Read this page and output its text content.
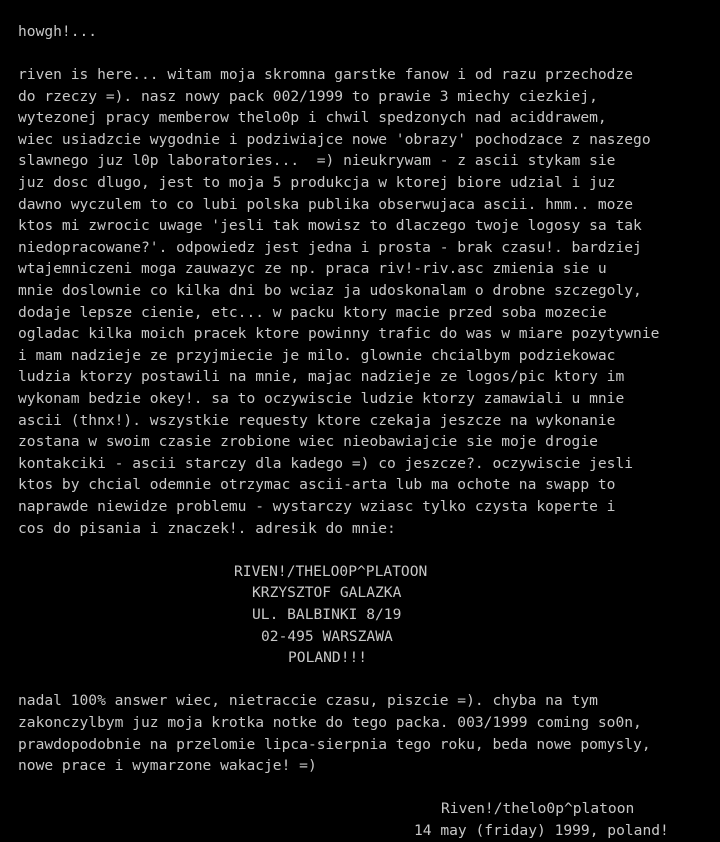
howgh!...
riven is here... witam moja skromna garstke fanow i od razu przechodze
do rzeczy =). nasz nowy pack 002/1999 to prawie 3 miechy ciezkiej,
wytezonej pracy memberow thelo0p i chwil spedzonych nad aciddrawem,
wiec usiadzcie wygodnie i podziwiajce nowe 'obrazy' pochodzace z naszego
slawnego juz l0p laboratories...  =) nieukrywam - z ascii stykam sie
juz dosc dlugo, jest to moja 5 produkcja w ktorej biore udzial i juz
dawno wyczulem to co lubi polska publika obserwujaca ascii. hmm.. moze
ktos mi zwrocic uwage 'jesli tak mowisz to dlaczego twoje logosy sa tak
niedopracowane?'. odpowiedz jest jedna i prosta - brak czasu!. bardziej
wtajemniczeni moga zauwazyc ze np. praca riv!-riv.asc zmienia sie u
mnie doslownie co kilka dni bo wciaz ja udoskonalam o drobne szczegoly,
dodaje lepsze cienie, etc... w packu ktory macie przed soba mozecie
ogladac kilka moich pracek ktore powinny trafic do was w miare pozytywnie
i mam nadzieje ze przyjmiecie je milo. glownie chcialbym podziekowac
ludzia ktorzy postawili na mnie, majac nadzieje ze logos/pic ktory im
wykonam bedzie okey!. sa to oczywiscie ludzie ktorzy zamawiali u mnie
ascii (thnx!). wszystkie requesty ktore czekaja jeszcze na wykonanie
zostana w swoim czasie zrobione wiec nieobawiajcie sie moje drogie
kontakciki - ascii starczy dla kadego =) co jeszcze?. oczywiscie jesli
ktos by chcial odemnie otrzymac ascii-arta lub ma ochote na swapp to
naprawde niewidze problemu - wystarczy wziasc tylko czysta koperte i
cos do pisania i znaczek!. adresik do mnie:
RIVEN!/THELO0P^PLATOON
KRZYSZTOF GALAZKA
UL. BALBINKI 8/19
02-495 WARSZAWA
POLAND!!!
nadal 100% answer wiec, nietraccie czasu, piszcie =). chyba na tym
zakonczylbym juz moja krotka notke do tego packa. 003/1999 coming so0n,
prawdopodobnie na przelomie lipca-sierpnia tego roku, beda nowe pomysly,
nowe prace i wymarzone wakacje! =)
Riven!/thelo0p^platoon
14 may (friday) 1999, poland!
